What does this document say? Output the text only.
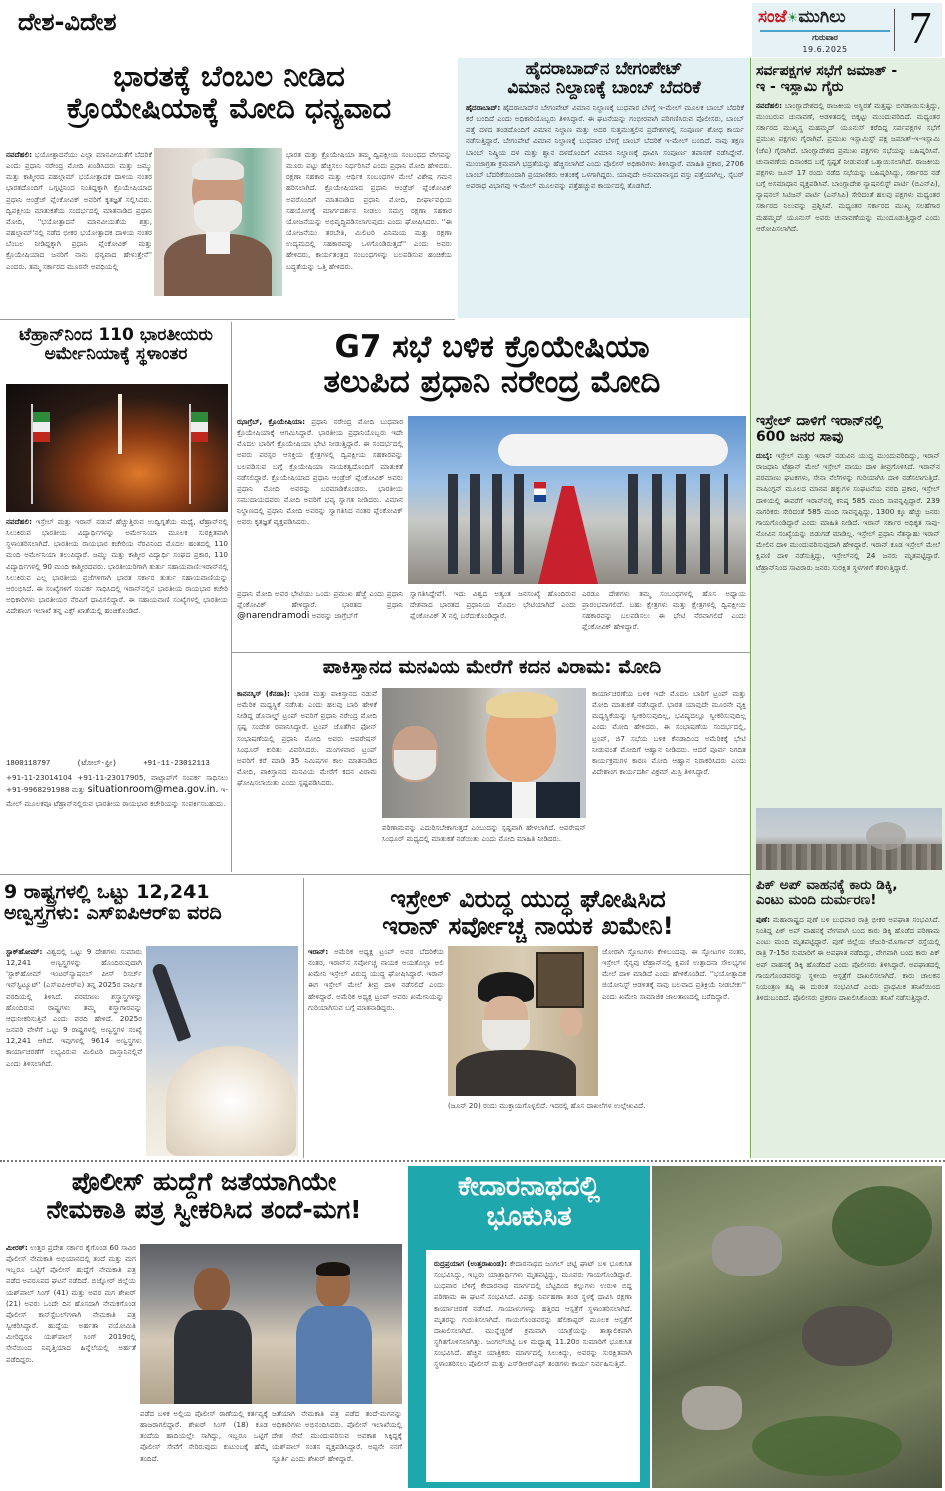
ದೇಶ-ವಿದೇಶ	ಸಂಜೆ☀ಮುಗಿಲು
ಗುರುವಾರ
19.6.2025	7
ಭಾರತಕ್ಕೆ ಬೆಂಬಲ ನೀಡಿದ
ಕ್ರೊಯೇಷಿಯಾಕ್ಕೆ ಮೋದಿ ಧನ್ಯವಾದ
ನವದೆಹಲಿ: ಭಯೋತ್ಪಾದನೆಯು ಎಲ್ಲಾ ಮಾನವೀಯತೆಗೆ ಬೆದರಿಕೆ ಎಂದು ಪ್ರಧಾನಿ ನರೇಂದ್ರ ಮೋದಿ ಖಂಡಿಸಿದರು ಮತ್ತು ಜಮ್ಮು ಮತ್ತು ಕಾಶ್ಮೀರದ ಪಹಲ್ಗಾಮ್ ಭಯೋತ್ಪಾದಕ ದಾಳಿಯ ನಂತರ ಭಾರತದೊಂದಿಗೆ ಒಗ್ಗಟ್ಟಿನಿಂದ ನಿಂತಿದ್ದಕ್ಕಾಗಿ ಕ್ರೊಯೇಷಿಯಾದ ಪ್ರಧಾನಿ ಆಂಡ್ರೆಜ್ ಪ್ಲೆಂಕೋವಿಕ್ ಅವರಿಗೆ ಕೃತಜ್ಞತೆ ಸಲ್ಲಿಸಿದರು. ದ್ವಿಪಕ್ಷೀಯ ಮಾತುಕತೆಯ ಸಂದರ್ಭದಲ್ಲಿ ಮಾತನಾಡಿದ ಪ್ರಧಾನಿ ಮೋದಿ, ''ಭಯೋತ್ಪಾದನೆ ಮಾನವೀಯತೆಯ ಶತ್ರು, ಪಹಲ್ಗಾಮ್'ನಲ್ಲಿ ನಡೆದ ಭೀಕರ ಭಯೋತ್ಪಾದಕ ದಾಳಿಯ ನಂತರ ಬೆಂಬಲ ನೀಡಿದ್ದಕ್ಕಾಗಿ ಪ್ರಧಾನಿ ಪ್ಲೆಂಕೋವಿಕ್ ಮತ್ತು ಕ್ರೊಯೇಷಿಯಾದ ಜನರಿಗೆ ನಾನು ಧನ್ಯವಾದ ಹೇಳುತ್ತೇನೆ'' ಎಂದರು. ತಮ್ಮ ಸರ್ಕಾರದ ಮೂರನೇ ಅವಧಿಯಲ್ಲಿ
ಭಾರತ ಮತ್ತು ಕ್ರೊಯೇಷಿಯಾ ತಮ್ಮ ದ್ವಿಪಕ್ಷೀಯ ಸಂಬಂಧದ ವೇಗವನ್ನು ಮೂರು ಪಟ್ಟು ಹೆಚ್ಚಿಸಲು ನಿರ್ಧರಿಸಿವೆ ಎಂದು ಪ್ರಧಾನಿ ಮೋದಿ ಹೇಳಿದರು. ರಕ್ಷಣಾ ಸಹಕಾರ ಮತ್ತು ಆರ್ಥಿಕ ಸಂಬಂಧಗಳ ಮೇಲೆ ವಿಶೇಷ ಗಮನ ಹರಿಸಲಾಗಿದೆ. ಕ್ರೊಯೇಷಿಯಾದ ಪ್ರಧಾನಿ ಆಂಡ್ರೆಜ್ ಪ್ಲೆಂಕೋವಿಕ್ ಅವರೊಂದಿಗೆ ಮಾತನಾಡಿದ ಪ್ರಧಾನಿ ಮೋದಿ, ದೀರ್ಘಾವಧಿಯ ಸಹಯೋಗಕ್ಕೆ ಮಾರ್ಗದರ್ಶನ ನೀಡಲು ಸಮಗ್ರ ರಕ್ಷಣಾ ಸಹಕಾರ ಯೋಜನೆಯನ್ನು ಅಭಿವೃದ್ಧಿಪಡಿಸಲಾಗುವುದು ಎಂದು ಘೋಷಿಸಿದರು. ''ಈ ಯೋಜನೆಯು ತರಬೇತಿ, ಮಿಲಿಟರಿ ವಿನಿಮಯ ಮತ್ತು ರಕ್ಷಣಾ ಉದ್ಯಮದಲ್ಲಿ ಸಹಕಾರವನ್ನು ಒಳಗೊಂಡಿರುತ್ತದೆ'' ಎಂದು ಅವರು ಹೇಳಿದರು, ಕಾರ್ಯತಂತ್ರದ ಸಂಬಂಧಗಳನ್ನು ಬಲಪಡಿಸುವ ಹಂಚಿಕೆಯ ಬದ್ಧತೆಯನ್ನು ಒತ್ತಿ ಹೇಳಿದರು.
ಹೈದರಾಬಾದ್‌ನ ಬೇಗಂಪೇಟ್
ವಿಮಾನ ನಿಲ್ದಾಣಕ್ಕೆ ಬಾಂಬ್ ಬೆದರಿಕೆ
ಹೈದರಾಬಾದ್: ಹೈದರಾಬಾದ್‌ನ ಬೇಗಂಪೇಟ್ ವಿಮಾನ ನಿಲ್ದಾಣಕ್ಕೆ ಬುಧವಾರ ಬೆಳಗ್ಗೆ ಇ-ಮೇಲ್ ಮೂಲಕ ಬಾಂಬ್ ಬೆದರಿಕೆ ಕರೆ ಬಂದಿದೆ ಎಂದು ಅಧಿಕಾರಿಯೊಬ್ಬರು ತಿಳಿಸಿದ್ದಾರೆ. ಈ ಘಟನೆಯನ್ನು ಗಂಭೀರವಾಗಿ ಪರಿಗಣಿಸಿರುವ ಪೊಲೀಸರು, ಬಾಂಬ್ ಪತ್ತೆ ದಳದ ತಂಡದೊಂದಿಗೆ ವಿಮಾನ ನಿಲ್ದಾಣ ಮತ್ತು ಅದರ ಸುತ್ತಮುತ್ತಲಿನ ಪ್ರದೇಶಗಳಲ್ಲಿ ಸಂಪೂರ್ಣ ಶೋಧ ಕಾರ್ಯ ನಡೆಸುತ್ತಿದ್ದಾರೆ. ಬೇಗಂಪೇಟೆ ವಿಮಾನ ನಿಲ್ದಾಣಕ್ಕೆ ಬುಧವಾರ ಬೆಳಗ್ಗೆ ಬಾಂಬ್ ಬೆದರಿಕೆ ಇ-ಮೇಲ್ ಬಂದಿದೆ. ನಾವು ತಕ್ಷಣ ಬಾಂಬ್ ನಿಷ್ಕ್ರಿಯ ದಳ ಮತ್ತು ಶ್ವಾನ ದಳದೊಂದಿಗೆ ವಿಮಾನ ನಿಲ್ದಾಣಕ್ಕೆ ಧಾವಿಸಿ ಸಂಪೂರ್ಣ ತಪಾಸಣೆ ನಡೆಸಿದ್ದೇವೆ. ಮುಂಜಾಗ್ರತಾ ಕ್ರಮವಾಗಿ ಭದ್ರತೆಯನ್ನು ಹೆಚ್ಚಿಸಲಾಗಿದೆ ಎಂದು ಪೊಲೀಸ್ ಅಧಿಕಾರಿಗಳು ತಿಳಿಸಿದ್ದಾರೆ. ಮಾಹಿತಿ ಪ್ರಕಾರ, 2706 ಬಾಂಬ್ ಬೆದರಿಕೆಯಿಂದಾಗಿ ಪ್ರಯಾಣಿಕರು ಆತಂಕಕ್ಕೆ ಒಳಗಾಗಿದ್ದರು. ಯಾವುದೇ ಅನುಮಾನಾಸ್ಪದ ವಸ್ತು ಪತ್ತೆಯಾಗಿಲ್ಲ. ಸೈಬರ್ ಅಪರಾಧ ವಿಭಾಗವು ಇ-ಮೇಲ್ ಮೂಲವನ್ನು ಪತ್ತೆಹಚ್ಚುವ ಕಾರ್ಯದಲ್ಲಿ ತೊಡಗಿದೆ.
ಸರ್ವಪಕ್ಷಗಳ ಸಭೆಗೆ ಜಮಾತ್ -
ಇ - ಇಸ್ಲಾಮಿ ಗೈರು
ನವದೆಹಲಿ: ಬಾಂಗ್ಲಾದೇಶದಲ್ಲಿ ರಾಜಕೀಯ ಅಸ್ಥಿರತೆ ಮತ್ತಷ್ಟು ಬಿಗಡಾಯಿಸುತ್ತಿದ್ದು, ಮುಂಬರುವ ಚುನಾವಣೆ, ಆಡಳಿತದಲ್ಲಿ ಬಿಕ್ಕಟ್ಟು ಮುಂದುವರಿದಿದೆ. ಮಧ್ಯಂತರ ಸರ್ಕಾರದ ಮುಖ್ಯಸ್ಥ ಮಹಮ್ಮದ್ ಯೂನುಸ್ ಕರೆದಿದ್ದ ಸರ್ವಪಕ್ಷಗಳ ಸಭೆಗೆ ಪ್ರಮುಖ ಪಕ್ಷಗಳು ಗೈರಾಗಿವೆ. ಪ್ರಮುಖ ಇಸ್ಲಾಮಿಸ್ಟ್ ಪಕ್ಷ ಜಮಾತ್-ಇ-ಇಸ್ಲಾಮಿ (ಜೆಐ) ಗೈರಾಗಿದೆ. ಬಾಂಗ್ಲಾದೇಶದ ಪ್ರಮುಖ ಪಕ್ಷಗಳು ಸಭೆಯನ್ನು ಬಹಿಷ್ಕರಿಸಿವೆ. ಚುನಾವಣೆಯ ದಿನಾಂಕದ ಬಗ್ಗೆ ಸ್ಪಷ್ಟತೆ ನೀಡುವಂತೆ ಒತ್ತಾಯಿಸಲಾಗಿದೆ. ರಾಜಕೀಯ ಪಕ್ಷಗಳು ಜೂನ್ 17 ರಂದು ನಡೆದ ಸಭೆಯನ್ನು ಬಹಿಷ್ಕರಿಸಿದ್ದು, ಸರ್ಕಾರದ ನಡೆ ಬಗ್ಗೆ ಅಸಮಾಧಾನ ವ್ಯಕ್ತಪಡಿಸಿವೆ. ಬಾಂಗ್ಲಾದೇಶ ನ್ಯಾಷನಲಿಸ್ಟ್ ಪಾರ್ಟಿ (ಬಿಎನ್‌ಪಿ), ನ್ಯಾಷನಲ್ ಸಿಟಿಜನ್ ಪಾರ್ಟಿ (ಎನ್‌ಸಿಪಿ) ಸೇರಿದಂತೆ ಹಲವು ಪಕ್ಷಗಳು ಮಧ್ಯಂತರ ಸರ್ಕಾರದ ನಿಲುವನ್ನು ಪ್ರಶ್ನಿಸಿವೆ. ಮಧ್ಯಂತರ ಸರ್ಕಾರದ ಮುಖ್ಯ ಸಲಹೆಗಾರ ಮಹಮ್ಮದ್ ಯೂನುಸ್ ಅವರು ಚುನಾವಣೆಯನ್ನು ಮುಂದೂಡುತ್ತಿದ್ದಾರೆ ಎಂದು ಆರೋಪಿಸಲಾಗಿದೆ.
ಇಸ್ರೇಲ್ ದಾಳಿಗೆ ಇರಾನ್‌ನಲ್ಲಿ
600 ಜನರ ಸಾವು
ದುಬೈ: ಇಸ್ರೇಲ್ ಮತ್ತು ಇರಾನ್ ನಡುವಿನ ಯುದ್ಧ ಮುಂದುವರಿದಿದ್ದು, ಇರಾನ್ ರಾಜಧಾನಿ ಟೆಹ್ರಾನ್ ಮೇಲೆ ಇಸ್ರೇಲ್ ವಾಯು ದಾಳಿ ತೀವ್ರಗೊಳಿಸಿದೆ. ಇರಾನ್‌ನ ಪರಮಾಣು ಘಟಕಗಳು, ಸೇನಾ ನೆಲೆಗಳನ್ನು ಗುರಿಯಾಗಿಸಿ ದಾಳಿ ನಡೆಸಲಾಗುತ್ತಿದೆ. ವಾಷಿಂಗ್ಟನ್ ಮೂಲದ ಮಾನವ ಹಕ್ಕುಗಳ ಸಂಘಟನೆಯ ವರದಿ ಪ್ರಕಾರ, ಇಸ್ರೇಲ್ ದಾಳಿಯಲ್ಲಿ ಈವರೆಗೆ ಇರಾನ್‌ನಲ್ಲಿ ಕನಿಷ್ಠ 585 ಮಂದಿ ಸಾವನ್ನಪ್ಪಿದ್ದಾರೆ. 239 ನಾಗರಿಕರು ಸೇರಿದಂತೆ 585 ಮಂದಿ ಸಾವನ್ನಪ್ಪಿದ್ದು, 1300 ಕ್ಕೂ ಹೆಚ್ಚು ಜನರು ಗಾಯಗೊಂಡಿದ್ದಾರೆ ಎಂದು ಮಾಹಿತಿ ನೀಡಿದೆ. ಇರಾನ್ ಸರ್ಕಾರ ಅಧಿಕೃತ ಸಾವು-ನೋವಿನ ಸಂಖ್ಯೆಯನ್ನು ಬಿಡುಗಡೆ ಮಾಡಿಲ್ಲ. ಇಸ್ರೇಲ್ ಪ್ರಧಾನಿ ನೆತನ್ಯಾಹು ಇರಾನ್ ಮೇಲಿನ ದಾಳಿ ಮುಂದುವರಿಸುವುದಾಗಿ ಹೇಳಿದ್ದಾರೆ. ಇರಾನ್ ಕೂಡ ಇಸ್ರೇಲ್ ಮೇಲೆ ಕ್ಷಿಪಣಿ ದಾಳಿ ನಡೆಸುತ್ತಿದ್ದು, ಇಸ್ರೇಲ್‌ನಲ್ಲಿ 24 ಜನರು ಮೃತಪಟ್ಟಿದ್ದಾರೆ. ಟೆಹ್ರಾನ್‌ನಿಂದ ಸಾವಿರಾರು ಜನರು ಸುರಕ್ಷಿತ ಸ್ಥಳಗಳಿಗೆ ತೆರಳುತ್ತಿದ್ದಾರೆ.
ಪಿಕ್ ಅಪ್ ವಾಹನಕ್ಕೆ ಕಾರು ಡಿಕ್ಕಿ,
ಎಂಟು ಮಂದಿ ದುರ್ಮರಣ!
ಪುಣೆ: ಮಹಾರಾಷ್ಟ್ರದ ಪುಣೆ ಬಳಿ ಬುಧವಾರ ರಾತ್ರಿ ಭೀಕರ ಅಪಘಾತ ಸಂಭವಿಸಿದೆ. ನಿಂತಿದ್ದ ಪಿಕ್ ಅಪ್ ವಾಹನಕ್ಕೆ ವೇಗವಾಗಿ ಬಂದ ಕಾರು ಡಿಕ್ಕಿ ಹೊಡೆದ ಪರಿಣಾಮ ಎಂಟು ಮಂದಿ ಮೃತಪಟ್ಟಿದ್ದಾರೆ. ಪುಣೆ ಜಿಲ್ಲೆಯ ಜೆಜುರಿ-ಮೊರ್ಗಾವ್ ರಸ್ತೆಯಲ್ಲಿ ರಾತ್ರಿ 7-15ರ ಸುಮಾರಿಗೆ ಈ ಅಪಘಾತ ನಡೆದಿದ್ದು, ವೇಗವಾಗಿ ಬಂದ ಕಾರು ಪಿಕ್ ಅಪ್ ವಾಹನಕ್ಕೆ ಡಿಕ್ಕಿ ಹೊಡೆದಿದೆ ಎಂದು ಪೊಲೀಸರು ತಿಳಿಸಿದ್ದಾರೆ. ಅಪಘಾತದಲ್ಲಿ ಗಾಯಗೊಂಡವರನ್ನು ಸ್ಥಳೀಯ ಆಸ್ಪತ್ರೆಗೆ ದಾಖಲಿಸಲಾಗಿದೆ. ಕಾರು ಚಾಲಕನ ನಿಯಂತ್ರಣ ತಪ್ಪಿ ಈ ದುರಂತ ಸಂಭವಿಸಿದೆ ಎಂದು ಪ್ರಾಥಮಿಕ ತನಿಖೆಯಿಂದ ತಿಳಿದುಬಂದಿದೆ. ಪೊಲೀಸರು ಪ್ರಕರಣ ದಾಖಲಿಸಿಕೊಂಡು ತನಿಖೆ ನಡೆಸುತ್ತಿದ್ದಾರೆ.
ಟೆಹ್ರಾನ್‌ನಿಂದ 110 ಭಾರತೀಯರು
ಅರ್ಮೇನಿಯಾಕ್ಕೆ ಸ್ಥಳಾಂತರ
ನವದೆಹಲಿ: ಇಸ್ರೇಲ್ ಮತ್ತು ಇರಾನ್ ನಡುವೆ ಹೆಚ್ಚುತ್ತಿರುವ ಉದ್ವಿಗ್ನತೆಯ ಮಧ್ಯೆ, ಟೆಹ್ರಾನ್‌ನಲ್ಲಿ ಸಿಲುಕಿರುವ ಭಾರತೀಯ ವಿದ್ಯಾರ್ಥಿಗಳನ್ನು ಅರ್ಮೇನಿಯಾ ಮೂಲಕ ಸುರಕ್ಷಿತವಾಗಿ ಸ್ಥಳಾಂತರಿಸಲಾಗಿದೆ. ಭಾರತೀಯ ರಾಯಭಾರ ಕಚೇರಿಯ ನೆರವಿನಿಂದ ಮೊದಲ ಹಂತದಲ್ಲಿ 110 ಮಂದಿ ಅರ್ಮೇನಿಯಾ ತಲುಪಿದ್ದಾರೆ. ಜಮ್ಮು ಮತ್ತು ಕಾಶ್ಮೀರ ವಿದ್ಯಾರ್ಥಿ ಸಂಘದ ಪ್ರಕಾರ, 110 ವಿದ್ಯಾರ್ಥಿಗಳಲ್ಲಿ 90 ಮಂದಿ ಕಾಶ್ಮೀರದವರು. ಭಾರತೀಯರಿಗಾಗಿ ತುರ್ತು ಸಹಾಯವಾಣಿ:ಇರಾನ್‌ನಲ್ಲಿ ಸಿಲುಕಿರುವ ಎಲ್ಲ ಭಾರತೀಯ ಪ್ರಜೆಗಳಿಗಾಗಿ ಭಾರತ ಸರ್ಕಾರ ತುರ್ತು ಸಹಾಯವಾಣಿಯನ್ನು ಆರಂಭಿಸಿದೆ. ಈ ಸಂಖ್ಯೆಗಳಿಗೆ ಸಂಪರ್ಕ ಸಾಧಿಸಿದಲ್ಲಿ ಇರಾನ್‌ನಲ್ಲಿನ ಭಾರತೀಯ ರಾಯಭಾರ ಕಚೇರಿ ಅಧಿಕಾರಿಗಳು ಭಾರತೀಯರ ನೆರವಿಗೆ ಧಾವಿಸಲಿದ್ದಾರೆ. ಈ ಸಹಾಯವಾಣಿ ಸಂಖ್ಯೆಗಳಲ್ಲಿ ಭಾರತೀಯ ವಿದೇಶಾಂಗ ಇಲಾಖೆ ತನ್ನ ಎಕ್ಸ್ ಖಾತೆಯಲ್ಲಿ ಹಂಚಿಕೊಂಡಿದೆ.
1800118797      (ಟೋಲ್-ಫ್ರೀ)      +91-11-23012113
+91-11-23014104 +91-11-23017905, ವಾಟ್ಸಾಪ್‌ಗೆ ಸಂಪರ್ಕ ಸಾಧಿಸಲು +91-9968291988 ಮತ್ತು situationroom@mea.gov.in. ಇ-ಮೇಲ್ ಮೂಲಕವೂ ಟೆಹ್ರಾನ್‌ನಲ್ಲಿರುವ ಭಾರತೀಯ ರಾಯಭಾರ ಕಚೇರಿಯನ್ನು ಸಂಪರ್ಕಿಸಬಹುದು.
G7 ಸಭೆ ಬಳಿಕ ಕ್ರೊಯೇಷಿಯಾ
ತಲುಪಿದ ಪ್ರಧಾನಿ ನರೇಂದ್ರ ಮೋದಿ
ಝಾಗ್ರೆಬ್, ಕ್ರೊಯೇಷಿಯಾ: ಪ್ರಧಾನಿ ನರೇಂದ್ರ ಮೋದಿ ಬುಧವಾರ ಕ್ರೊಯೇಷಿಯಾಕ್ಕೆ ಆಗಮಿಸಿದ್ದಾರೆ. ಭಾರತೀಯ ಪ್ರಧಾನಿಯೊಬ್ಬರು ಇದೇ ಮೊದಲ ಬಾರಿಗೆ ಕ್ರೊಯೇಷಿಯಾ ಭೇಟಿ ನೀಡುತ್ತಿದ್ದಾರೆ. ಈ ಸಂದರ್ಭದಲ್ಲಿ ಅವರು ಪರಸ್ಪರ ಆಸಕ್ತಿಯ ಕ್ಷೇತ್ರಗಳಲ್ಲಿ ದ್ವಿಪಕ್ಷೀಯ ಸಹಕಾರವನ್ನು ಬಲಪಡಿಸುವ ಬಗ್ಗೆ ಕ್ರೊಯೇಷಿಯಾ ನಾಯಕತ್ವದೊಂದಿಗೆ ಮಾತುಕತೆ ನಡೆಸಲಿದ್ದಾರೆ. ಕ್ರೊಯೇಷಿಯಾದ ಪ್ರಧಾನಿ ಆಂಡ್ರೆಜ್ ಪ್ಲೆಂಕೋವಿಕ್ ಅವರು ಪ್ರಧಾನಿ ಮೋದಿ ಅವರನ್ನು ಬರಮಾಡಿಕೊಂಡರು. ಭಾರತೀಯ ಸಮುದಾಯದವರು ಮೋದಿ ಅವರಿಗೆ ಭವ್ಯ ಸ್ವಾಗತ ನೀಡಿದರು. ವಿಮಾನ ನಿಲ್ದಾಣದಲ್ಲಿ ಪ್ರಧಾನಿ ಮೋದಿ ಅವರನ್ನು ಸ್ವಾಗತಿಸಿದ ನಂತರ ಪ್ಲೆಂಕೋವಿಕ್ ಅವರು ಕೃತಜ್ಞತೆ ವ್ಯಕ್ತಪಡಿಸಿದರು.
ಪ್ರಧಾನಿ ಮೋದಿ ಅವರ ಭೇಟಿಯು ಒಂದು ಪ್ರಮುಖ ಹೆಜ್ಜೆ ಎಂದು ಪ್ರಧಾನಿ ಪ್ಲೆಂಕೋವಿಕ್ ಹೇಳಿದ್ದಾರೆ. ಭಾರತದ ಪ್ರಧಾನಿ @narendramodi ಅವರನ್ನು ಜಾಗ್ರೆಬ್‌ಗೆ
ಸ್ವಾಗತಿಸಿದ್ದೇವೆ!. ಇದು ವಿಶ್ವದ ಅತ್ಯಂತ ಜನಸಂಖ್ಯೆ ಹೊಂದಿರುವ ದೇಶವಾದ ಭಾರತದ ಪ್ರಧಾನಿಯ ಮೊದಲ ಭೇಟಿಯಾಗಿದೆ ಎಂದು ಪ್ಲೆಂಕೋವಿಕ್ X ನಲ್ಲಿ ಬರೆದುಕೊಂಡಿದ್ದಾರೆ.
ಎರಡೂ ದೇಶಗಳು ತಮ್ಮ ಸಂಬಂಧಗಳಲ್ಲಿ ಹೊಸ ಅಧ್ಯಾಯ ಪ್ರಾರಂಭವಾಗಲಿದೆ. ಬಹು ಕ್ಷೇತ್ರಗಳು ಮತ್ತು ಕ್ಷೇತ್ರಗಳಲ್ಲಿ ದ್ವಿಪಕ್ಷೀಯ ಸಹಕಾರವನ್ನು ಬಲಪಡಿಸಲು ಈ ಭೇಟಿ ನೆರವಾಗಲಿದೆ ಎಂದು ಪ್ಲೆಂಕೋವಿಕ್ ಹೇಳಿದ್ದಾರೆ.
ಪಾಕಿಸ್ತಾನದ ಮನವಿಯ ಮೇರೆಗೆ ಕದನ ವಿರಾಮ: ಮೋದಿ
ಕಾನನಸ್ಕಿಸ್ (ಕೆನಡಾ): ಭಾರತ ಮತ್ತು ಪಾಕಿಸ್ತಾನದ ನಡುವೆ ಅಮೆರಿಕ ಮಧ್ಯಸ್ಥಿಕೆ ನಡೆಸಿತು ಎಂದು ಹಲವು ಬಾರಿ ಹೇಳಿಕೆ ನೀಡಿದ್ದ ಡೊನಾಲ್ಡ್ ಟ್ರಂಪ್ ಅವರಿಗೆ ಪ್ರಧಾನಿ ನರೇಂದ್ರ ಮೋದಿ ಸ್ಪಷ್ಟ ಸಂದೇಶ ರವಾನಿಸಿದ್ದಾರೆ. ಟ್ರಂಪ್ ಜೊತೆಗಿನ ಫೋನ್ ಸಂಭಾಷಣೆಯಲ್ಲಿ ಪ್ರಧಾನಿ ಮೋದಿ ಅವರು ಆಪರೇಷನ್ ಸಿಂಧೂರ್ ಕುರಿತು ವಿವರಿಸಿದರು. ಮಂಗಳವಾರ ಟ್ರಂಪ್ ಅವರಿಗೆ ಕರೆ ಮಾಡಿ 35 ನಿಮಿಷಗಳ ಕಾಲ ಮಾತನಾಡಿದ ಮೋದಿ, ಪಾಕಿಸ್ತಾನದ ಮನವಿಯ ಮೇರೆಗೆ ಕದನ ವಿರಾಮ ಘೋಷಿಸಲಾಯಿತು ಎಂದು ಸ್ಪಷ್ಟಪಡಿಸಿದರು.
ಪರಿಣಾಮವನ್ನು ಎದುರಿಸಬೇಕಾಗುತ್ತದೆ ಎಂಬುದನ್ನು ಸ್ಪಷ್ಟವಾಗಿ ಹೇಳಲಾಗಿದೆ. ಆಪರೇಷನ್ ಸಿಂಧೂರ್ ಮಧ್ಯದಲ್ಲಿ ಮಾತುಕತೆ ನಡೆಯಿತು ಎಂದು ಮೋದಿ ಮಾಹಿತಿ ನೀಡಿದರು.
ಕಾರ್ಯಾಚರಣೆಯ ಬಳಿಕ ಇದೇ ಮೊದಲ ಬಾರಿಗೆ ಟ್ರಂಪ್ ಮತ್ತು ಮೋದಿ ಮಾತುಕತೆ ನಡೆಸಿದ್ದಾರೆ. ಭಾರತ ಯಾವುದೇ ಮೂರನೇ ವ್ಯಕ್ತಿ ಮಧ್ಯಸ್ಥಿಕೆಯನ್ನು ಸ್ವೀಕರಿಸುವುದಿಲ್ಲ, ಭವಿಷ್ಯದಲ್ಲೂ ಸ್ವೀಕರಿಸುವುದಿಲ್ಲ ಎಂದು ಮೋದಿ ಹೇಳಿದರು. ಈ ಸಂಭಾಷಣೆಯ ಸಂದರ್ಭದಲ್ಲಿ, ಟ್ರಂಪ್, ಜಿ7 ಸಭೆಯ ಬಳಿಕ ಕೆನಡಾದಿಂದ ಅಮೆರಿಕಕ್ಕೆ ಭೇಟಿ ನೀಡುವಂತೆ ಮೋದಿಗೆ ಆಹ್ವಾನ ನೀಡಿದರು. ಆದರೆ ಪೂರ್ವ ನಿಗದಿತ ಕಾರ್ಯಕ್ರಮಗಳ ಕಾರಣ ಮೋದಿ ಆಹ್ವಾನ ನಿರಾಕರಿಸಿದರು ಎಂದು ವಿದೇಶಾಂಗ ಕಾರ್ಯದರ್ಶಿ ವಿಕ್ರಮ್ ಮಿಸ್ರಿ ತಿಳಿಸಿದ್ದಾರೆ.
9 ರಾಷ್ಟ್ರಗಳಲ್ಲಿ ಒಟ್ಟು 12,241
ಅಣ್ವಸ್ತ್ರಗಳು: ಎಸ್‌ಐಪಿಆರ್‌ಐ ವರದಿ
ಸ್ಟಾಕ್‌ಹೋಮ್: ವಿಶ್ವದಲ್ಲಿ ಒಟ್ಟು 9 ದೇಶಗಳು ಸುಮಾರು 12,241 ಅಣ್ವಸ್ತ್ರಗಳನ್ನು ಹೊಂದಿರುವುದಾಗಿ 'ಸ್ಟಾಕ್‌ಹೋಮ್ ಇಂಟರ್‌ನ್ಯಾಷನಲ್ ಪೀಸ್ ರಿಸರ್ಚ್ ಇನ್‌ಸ್ಟಿಟ್ಯೂಟ್' (ಎಸ್‌ಐಪಿಆರ್‌ಐ) ತನ್ನ 2025ರ ವಾರ್ಷಿಕ ವರದಿಯಲ್ಲಿ ತಿಳಿಸಿದೆ. ಪರಮಾಣು ಶಸ್ತ್ರಾಸ್ತ್ರಗಳನ್ನು ಹೊಂದಿರುವ ರಾಷ್ಟ್ರಗಳು ತಮ್ಮ ಶಸ್ತ್ರಾಗಾರವನ್ನು ಆಧುನೀಕರಿಸುತ್ತಿವೆ ಎಂದು ವರದಿ ಹೇಳಿದೆ. 2025ರ ಜನವರಿ ವೇಳೆಗೆ ಒಟ್ಟು 9 ರಾಷ್ಟ್ರಗಳಲ್ಲಿ ಅಣ್ವಸ್ತ್ರಗಳ ಸಂಖ್ಯೆ 12,241 ಆಗಿದೆ. ಇವುಗಳಲ್ಲಿ 9614 ಅಣ್ವಸ್ತ್ರಗಳು ಕಾರ್ಯಾಚರಣೆಗೆ ಲಭ್ಯವಿರುವ ಮಿಲಿಟರಿ ದಾಸ್ತಾನಿನಲ್ಲಿವೆ ಎಂದು ತಿಳಿಸಲಾಗಿದೆ.
ಇಸ್ರೇಲ್ ವಿರುದ್ಧ ಯುದ್ಧ ಘೋಷಿಸಿದ
ಇರಾನ್ ಸರ್ವೋಚ್ಚ ನಾಯಕ ಖಮೇನಿ!
ಇರಾನ್: ಅಮೆರಿಕ ಅಧ್ಯಕ್ಷ ಟ್ರಂಪ್ ಅವರ ಬೆದರಿಕೆಯ ನಂತರ, ಇರಾನ್‌ನ ಸರ್ವೋಚ್ಚ ನಾಯಕ ಅಯತೊಲ್ಲಾ ಅಲಿ ಖಮೇನಿ ಇಸ್ರೇಲ್ ವಿರುದ್ಧ ಯುದ್ಧ ಘೋಷಿಸಿದ್ದಾರೆ. ಇರಾನ್ ಈಗ ಇಸ್ರೇಲ್ ಮೇಲೆ ತೀವ್ರ ದಾಳಿ ನಡೆಸಲಿದೆ ಎಂದು ಹೇಳಿದ್ದಾರೆ. ಅಮೆರಿಕ ಅಧ್ಯಕ್ಷ ಟ್ರಂಪ್ ಅವರು ಖಮೇನಿಯನ್ನು ಗುರಿಯಾಗಿಸುವ ಬಗ್ಗೆ ಮಾತನಾಡಿದ್ದರು.
ಜೋರಾಗಿ ಸ್ಫೋಟಗಳು ಕೇಳಿಬಂದವು. ಈ ಸ್ಫೋಟಗಳ ನಂತರ, ಇಸ್ರೇಲ್ ಸೈನ್ಯವು ಟೆಹ್ರಾನ್‌ನಲ್ಲಿ ಕ್ಷಿಪಣಿ ಉತ್ಪಾದನಾ ಸೌಲಭ್ಯಗಳ ಮೇಲೆ ದಾಳಿ ಮಾಡಿದೆ ಎಂದು ಹೇಳಿಕೊಂಡಿದೆ. ''ಭಯೋತ್ಪಾದಕ ಜಿಯೋನಿಸ್ಟ್ ಆಡಳಿತಕ್ಕೆ ನಾವು ಬಲವಾದ ಪ್ರತಿಕ್ರಿಯೆ ನೀಡಬೇಕು'' ಎಂದು ಖಮೇನಿ ಸಾಮಾಜಿಕ ಜಾಲತಾಣದಲ್ಲಿ ಬರೆದಿದ್ದಾರೆ.
(ಜೂನ್ 20) ರಂದು ಮುಕ್ತಾಯಗೊಳ್ಳಲಿದೆ. ಇದರಲ್ಲಿ ಹೊಸ ದಾಖಲೆಗಳ ಉಲ್ಲೇಖವಿದೆ.
ಪೊಲೀಸ್ ಹುದ್ದೆಗೆ ಜತೆಯಾಗಿಯೇ
ನೇಮಕಾತಿ ಪತ್ರ ಸ್ವೀಕರಿಸಿದ ತಂದೆ-ಮಗ!
ಮೀರಠ್: ಉತ್ತರ ಪ್ರದೇಶ ಸರ್ಕಾರ ಕೈಗೊಂಡ 60 ಸಾವಿರ ಪೊಲೀಸ್ ನೇಮಕಾತಿ ಅಭಿಯಾನದಲ್ಲಿ ತಂದೆ ಮತ್ತು ಮಗ ಇಬ್ಬರೂ ಒಟ್ಟಿಗೆ ಪೊಲೀಸ್ ಹುದ್ದೆಗೆ ನೇಮಕಾತಿ ಪತ್ರ ಪಡೆದ ಅಪರೂಪದ ಘಟನೆ ನಡೆದಿದೆ. ಬಿಜ್ನೋರ್ ಜಿಲ್ಲೆಯ ಯಶ್‌ಪಾಲ್ ಸಿಂಗ್ (41) ಮತ್ತು ಅವರ ಮಗ ಶೇಖರ್ (21) ಅವರು ಒಂದೇ ದಿನ ಹೊಸದಾಗಿ ನೇಮಕಗೊಂಡ ಪೊಲೀಸ್ ಕಾನ್‌ಸ್ಟೆಬಲ್‌ಗಳಾಗಿ ನೇಮಕಾತಿ ಪತ್ರ ಸ್ವೀಕರಿಸಿದ್ದಾರೆ. ಹುದ್ದೆಯ ಅರ್ಹತಾ ವಯೋಮಿತಿ ಮೀರಿದ್ದರೂ ಯಶ್‌ಪಾಲ್ ಸಿಂಗ್ 2019ರಲ್ಲಿ ಸೇನೆಯಿಂದ ನಿವೃತ್ತಿಯಾದ ಹಿನ್ನೆಲೆಯಲ್ಲಿ ಅರ್ಹತೆ ಪಡೆದಿದ್ದರು.
ಪಡೆದ ಬಳಿಕ ಅಲ್ಲಿಯ ಪೊಲೀಸ್ ಠಾಣೆಯಲ್ಲಿ ಕರ್ತವ್ಯಕ್ಕೆ ಹಾಜರಾಗಲಿದ್ದಾರೆ. ಶೇಖರ್ ಸಿಂಗ್ (18) ಕೂಡ ತಂದೆಯ ಹಾದಿಯಲ್ಲೇ ಸಾಗಿದ್ದು, ಇಬ್ಬರೂ ಒಟ್ಟಿಗೆ ಪೊಲೀಸ್ ಸೇವೆಗೆ ಸೇರಿರುವುದು ಕುಟುಂಬಕ್ಕೆ ಹೆಮ್ಮೆ ತಂದಿದೆ.
ಜತೆಯಾಗಿ ನೇಮಕಾತಿ ಪತ್ರ ಪಡೆದ ತಂದೆ-ಮಗನನ್ನು ಅಧಿಕಾರಿಗಳು ಅಭಿನಂದಿಸಿದರು. ಪೊಲೀಸ್ ಇಲಾಖೆಯಲ್ಲಿ ದೇಶ ಸೇವೆ ಮುಂದುವರಿಸುವ ಅವಕಾಶ ಸಿಕ್ಕಿದ್ದಕ್ಕೆ ಯಶ್‌ಪಾಲ್ ಸಂತಸ ವ್ಯಕ್ತಪಡಿಸಿದ್ದಾರೆ. ಅಪ್ಪನೇ ನನಗೆ ಸ್ಫೂರ್ತಿ ಎಂದು ಶೇಖರ್ ಹೇಳಿದ್ದಾರೆ.
ಕೇದಾರನಾಥದಲ್ಲಿ
ಭೂಕುಸಿತ
ರುದ್ರಪ್ರಯಾಗ (ಉತ್ತರಾಖಂಡ): ಕೇದಾರನಾಥದ ಜಂಗಲ್ ಚಟ್ಟಿ ಘಾಟ್ ಬಳಿ ಭೂಕುಸಿತ ಸಂಭವಿಸಿದ್ದು, ಇಬ್ಬರು ಯಾತ್ರಾರ್ಥಿಗಳು ಮೃತಪಟ್ಟಿದ್ದು, ಮೂವರು ಗಾಯಗೊಂಡಿದ್ದಾರೆ. ಬುಧವಾರ ಬೆಳಿಗ್ಗೆ ಕೇದಾರನಾಥ ಮಾರ್ಗದಲ್ಲಿ ಬೆಟ್ಟದಿಂದ ಕಲ್ಲುಗಳು ಉರುಳಿ ಬಿದ್ದ ಪರಿಣಾಮ ಈ ಘಟನೆ ಸಂಭವಿಸಿದೆ. ವಿಪತ್ತು ನಿರ್ವಹಣಾ ತಂಡ ಸ್ಥಳಕ್ಕೆ ಧಾವಿಸಿ ರಕ್ಷಣಾ ಕಾರ್ಯಾಚರಣೆ ನಡೆಸಿದೆ. ಗಾಯಾಳುಗಳನ್ನು ಹತ್ತಿರದ ಆಸ್ಪತ್ರೆಗೆ ಸ್ಥಳಾಂತರಿಸಲಾಗಿದೆ. ಮೃತರನ್ನು ಗುರುತಿಸಲಾಗಿದೆ. ಗಾಯಗೊಂಡವರನ್ನು ಹೆಲಿಕಾಪ್ಟರ್ ಮೂಲಕ ಆಸ್ಪತ್ರೆಗೆ ದಾಖಲಿಸಲಾಗಿದೆ. ಮುನ್ನೆಚ್ಚರಿಕೆ ಕ್ರಮವಾಗಿ ಯಾತ್ರೆಯನ್ನು ತಾತ್ಕಾಲಿಕವಾಗಿ ಸ್ಥಗಿತಗೊಳಿಸಲಾಗಿತ್ತು. ಜಂಗಲ್‌ಚಟ್ಟಿ ಬಳಿ ಮಧ್ಯಾಹ್ನ 11.20ರ ಸುಮಾರಿಗೆ ಭೂಕುಸಿತ ಸಂಭವಿಸಿದೆ. ಹೆಚ್ಚಿನ ಯಾತ್ರಿಕರು ಮಾರ್ಗದಲ್ಲಿ ಸಿಲುಕಿದ್ದು, ಅವರನ್ನು ಸುರಕ್ಷಿತವಾಗಿ ಸ್ಥಳಾಂತರಿಸಲು ಪೊಲೀಸ್ ಮತ್ತು ಎಸ್‌ಡಿಆರ್‌ಎಫ್ ತಂಡಗಳು ಕಾರ್ಯ ನಿರ್ವಹಿಸುತ್ತಿವೆ.
